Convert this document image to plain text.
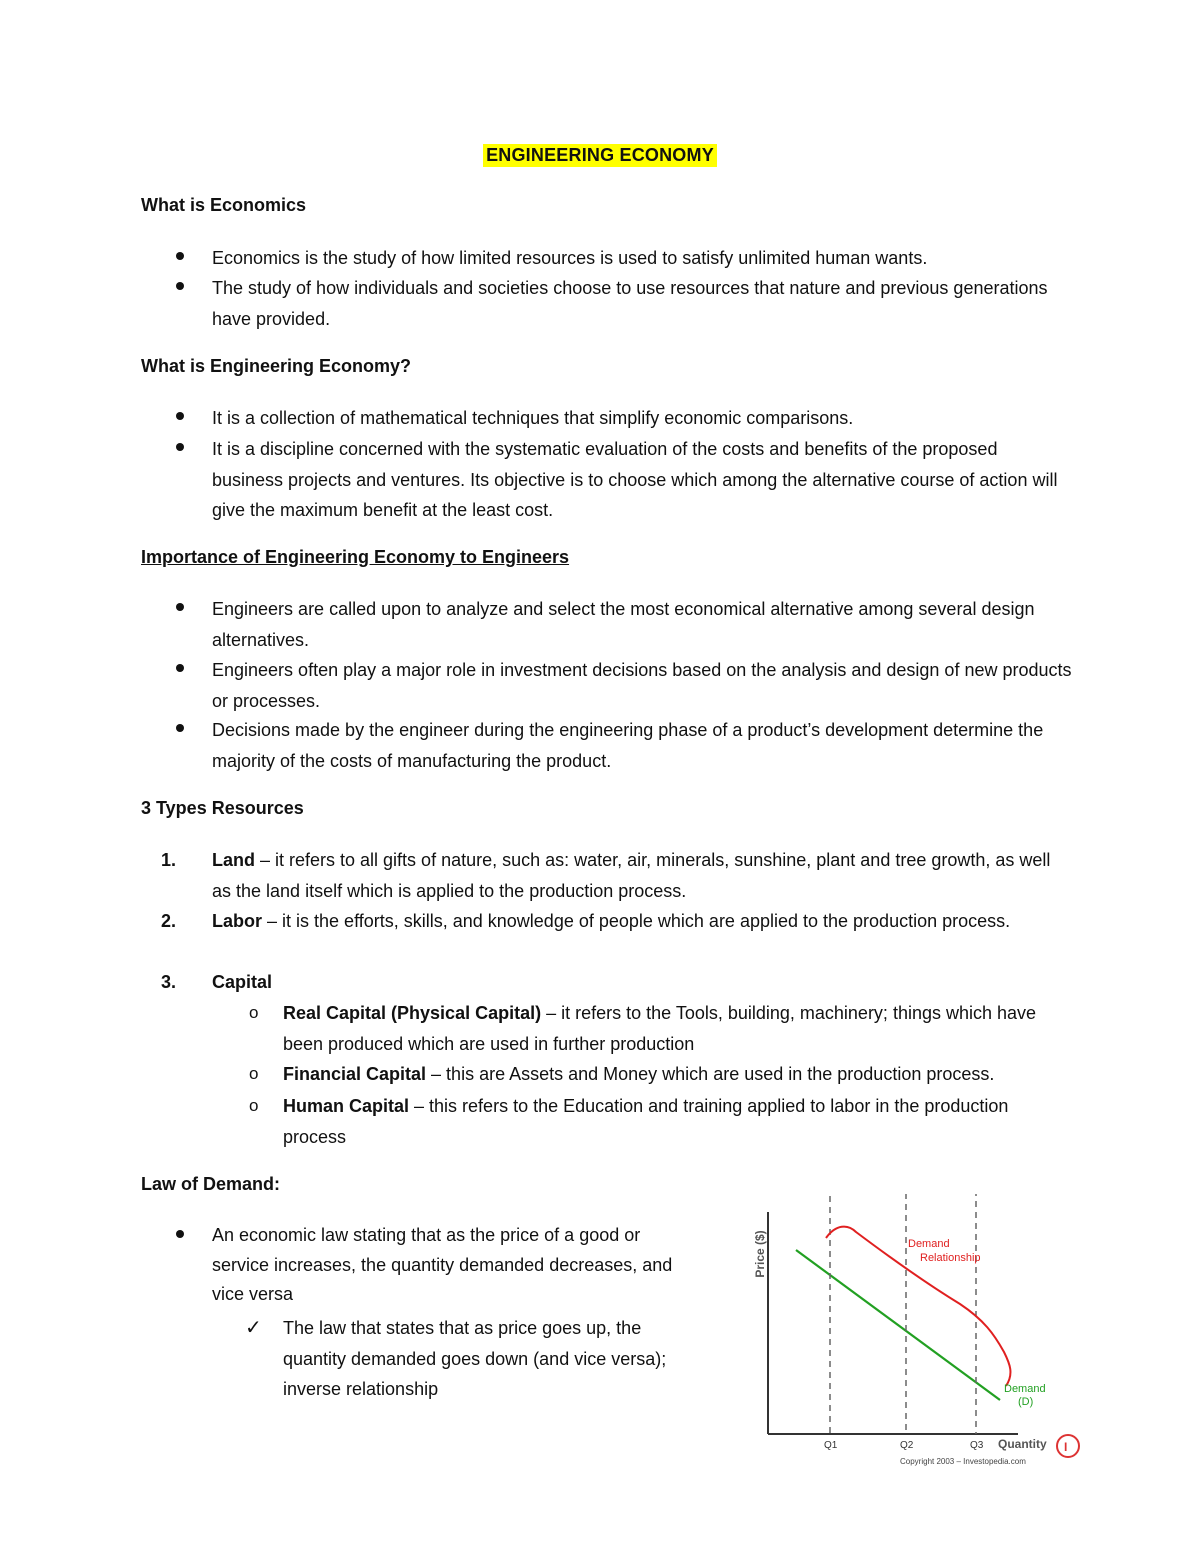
ENGINEERING ECONOMY
What is Economics
Economics is the study of how limited resources is used to satisfy unlimited human wants.
The study of how individuals and societies choose to use resources that nature and previous generations have provided.
What is Engineering Economy?
It is a collection of mathematical techniques that simplify economic comparisons.
It is a discipline concerned with the systematic evaluation of the costs and benefits of the proposed business projects and ventures. Its objective is to choose which among the alternative course of action will give the maximum benefit at the least cost.
Importance of Engineering Economy to Engineers
Engineers are called upon to analyze and select the most economical alternative among several design alternatives.
Engineers often play a major role in investment decisions based on the analysis and design of new products or processes.
Decisions made by the engineer during the engineering phase of a product’s development determine the majority of the costs of manufacturing the product.
3 Types Resources
1. Land – it refers to all gifts of nature, such as: water, air, minerals, sunshine, plant and tree growth, as well as the land itself which is applied to the production process.
2. Labor – it is the efforts, skills, and knowledge of people which are applied to the production process.
3. Capital
o Real Capital (Physical Capital) – it refers to the Tools, building, machinery; things which have been produced which are used in further production
o Financial Capital – this are Assets and Money which are used in the production process.
o Human Capital – this refers to the Education and training applied to labor in the production process
Law of Demand:
An economic law stating that as the price of a good or service increases, the quantity demanded decreases, and vice versa
✓ The law that states that as price goes up, the quantity demanded goes down (and vice versa); inverse relationship
Price ($)
Quantity
Q1	Q2	Q3
Demand
Relationship
Demand
(D)
Copyright 2003 – Investopedia.com
I
